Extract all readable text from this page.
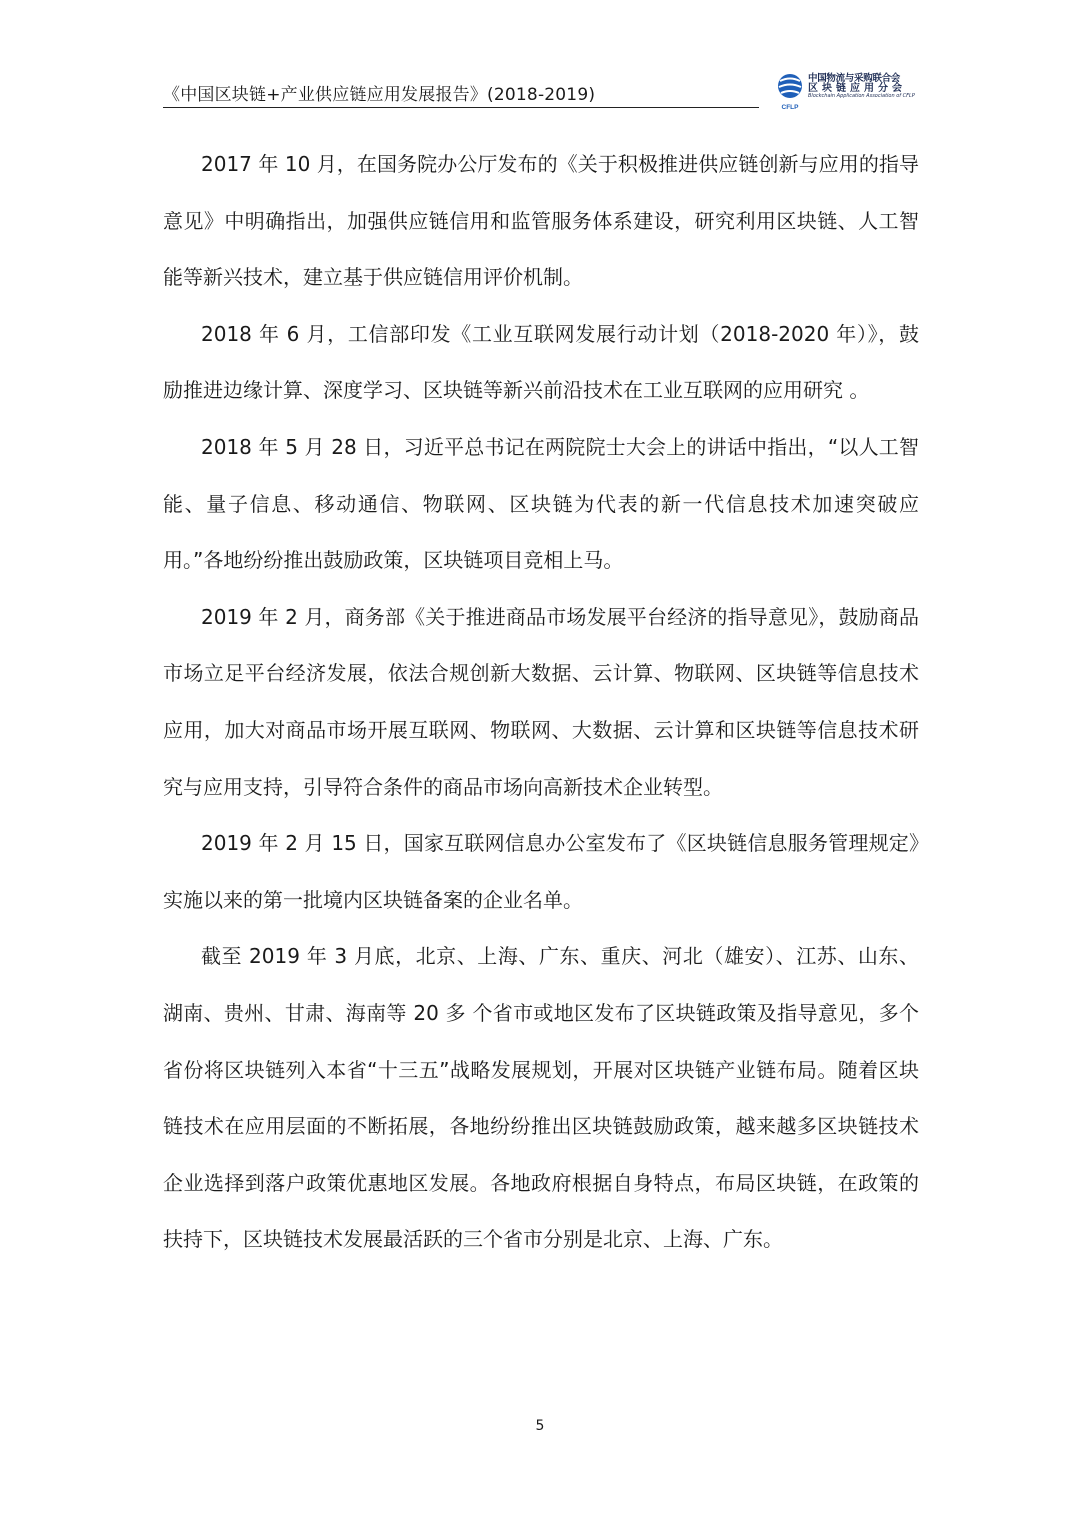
《中国区块链+产业供应链应用发展报告》(2018-2019)
CFLP
中国物流与采购联合会
区块链应用分会
Blockchain Application Association of CFLP

2017 年 10 月，在国务院办公厅发布的《关于积极推进供应链创新与应用的指导意见》中明确指出，加强供应链信用和监管服务体系建设，研究利用区块链、人工智能等新兴技术，建立基于供应链信用评价机制。

2018 年 6 月，工信部印发《工业互联网发展行动计划（2018-2020 年）》，鼓励推进边缘计算、深度学习、区块链等新兴前沿技术在工业互联网的应用研究 。

2018 年 5 月 28 日，习近平总书记在两院院士大会上的讲话中指出，“以人工智能、量子信息、移动通信、物联网、区块链为代表的新一代信息技术加速突破应用。”各地纷纷推出鼓励政策，区块链项目竞相上马。

2019 年 2 月，商务部《关于推进商品市场发展平台经济的指导意见》，鼓励商品市场立足平台经济发展，依法合规创新大数据、云计算、物联网、区块链等信息技术应用，加大对商品市场开展互联网、物联网、大数据、云计算和区块链等信息技术研究与应用支持，引导符合条件的商品市场向高新技术企业转型。

2019 年 2 月 15 日，国家互联网信息办公室发布了《区块链信息服务管理规定》实施以来的第一批境内区块链备案的企业名单。

截至 2019 年 3 月底，北京、上海、广东、重庆、河北（雄安）、江苏、山东、湖南、贵州、甘肃、海南等 20 多 个省市或地区发布了区块链政策及指导意见，多个省份将区块链列入本省“十三五”战略发展规划，开展对区块链产业链布局。随着区块链技术在应用层面的不断拓展，各地纷纷推出区块链鼓励政策，越来越多区块链技术企业选择到落户政策优惠地区发展。各地政府根据自身特点，布局区块链，在政策的扶持下，区块链技术发展最活跃的三个省市分别是北京、上海、广东。

5
